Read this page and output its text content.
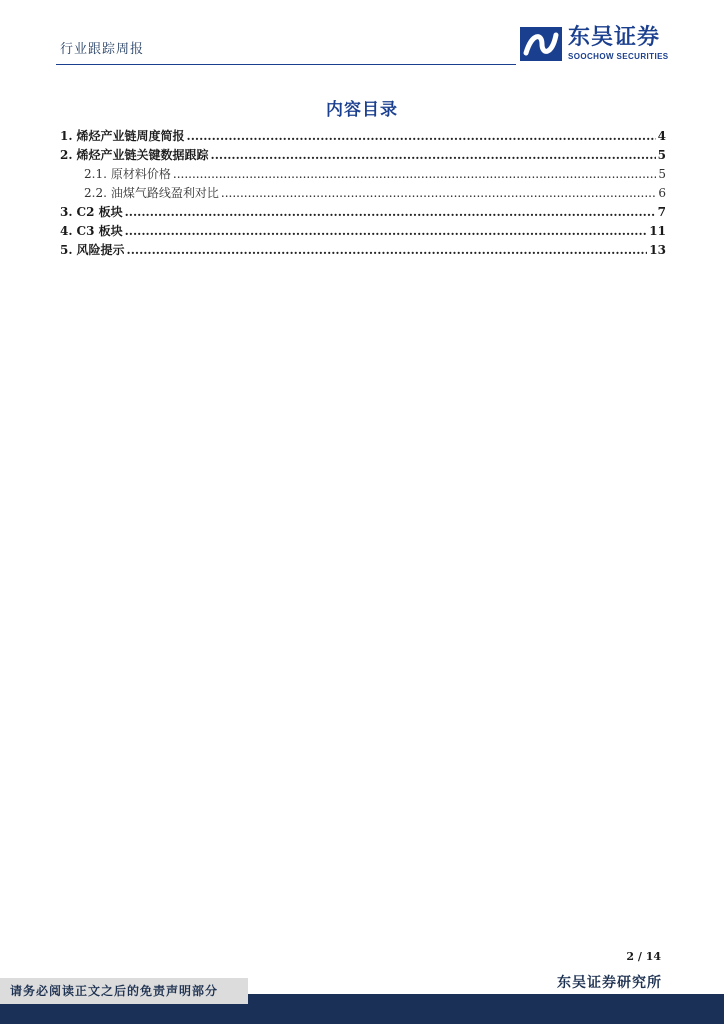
行业跟踪周报	东吴证券
SOOCHOW SECURITIES
内容目录
1. 烯烃产业链周度简报 .....	4
2. 烯烃产业链关键数据跟踪 .....	5
2.1. 原材料价格 .....	5
2.2. 油煤气路线盈利对比 .....	6
3. C2 板块 .....	7
4. C3 板块 .....	11
5. 风险提示 .....	13
2 / 14
东吴证券研究所
请务必阅读正文之后的免责声明部分
